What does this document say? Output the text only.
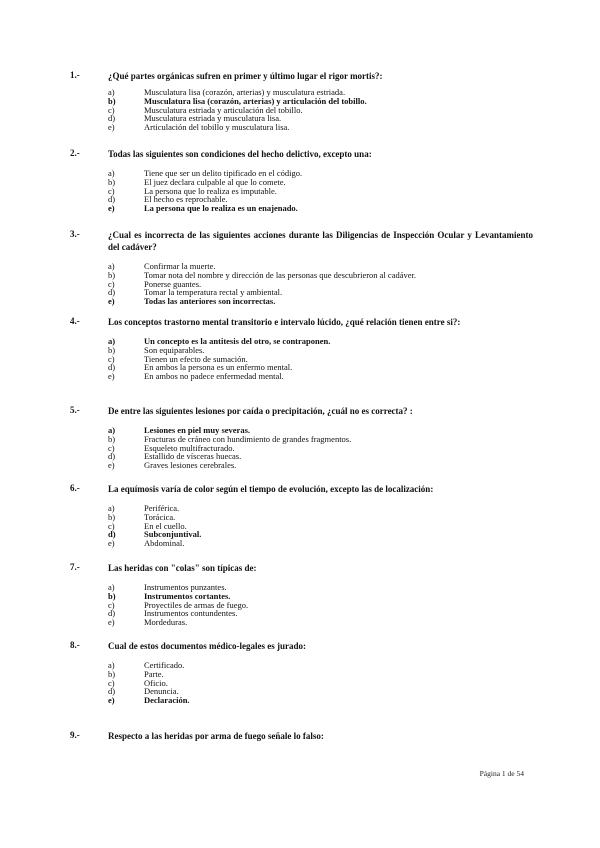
1.-	¿Qué partes orgánicas sufren en primer y último lugar el rigor mortis?:
a)	Musculatura lisa (corazón, arterias) y musculatura estriada.
b)	Musculatura lisa (corazón, arterias) y articulación del tobillo.
c)	Musculatura estriada y articulación del tobillo.
d)	Musculatura estriada y musculatura lisa.
e)	Articulación del tobillo y musculatura lisa.
2.-	Todas las siguientes son condiciones del hecho delictivo, excepto una:
a)	Tiene que ser un delito tipificado en el código.
b)	El juez declara culpable al que lo comete.
c)	La persona que lo realiza es imputable.
d)	El hecho es reprochable.
e)	La persona que lo realiza es un enajenado.
3.-	¿Cual es incorrecta de las siguientes acciones durante las Diligencias de Inspección Ocular y Levantamiento del cadáver?
a)	Confirmar la muerte.
b)	Tomar nota del nombre y dirección de las personas que descubrieron al cadáver.
c)	Ponerse guantes.
d)	Tomar la temperatura rectal y ambiental.
e)	Todas las anteriores son incorrectas.
4.-	Los conceptos trastorno mental transitorio e intervalo lúcido, ¿qué relación tienen entre si?:
a)	Un concepto es la antitesis del otro, se contraponen.
b)	Son equiparables.
c)	Tienen un efecto de sumación.
d)	En ambos la persona es un enfermo mental.
e)	En ambos no padece enfermedad mental.
5.-	De entre las siguientes lesiones por caída o precipitación, ¿cuál no es correcta? :
a)	Lesiones en piel muy severas.
b)	Fracturas de cráneo con hundimiento de grandes fragmentos.
c)	Esqueleto multifracturado.
d)	Estallido de vísceras huecas.
e)	Graves lesiones cerebrales.
6.-	La equímosis varía de color según el tiempo de evolución, excepto las de localización:
a)	Periférica.
b)	Torácica.
c)	En el cuello.
d)	Subconjuntival.
e)	Abdominal.
7.-	Las heridas con "colas" son típicas de:
a)	Instrumentos punzantes.
b)	Instrumentos cortantes.
c)	Proyectiles de armas de fuego.
d)	Instrumentos contundentes.
e)	Mordeduras.
8.-	Cual de estos documentos médico-legales es jurado:
a)	Certificado.
b)	Parte.
c)	Oficio.
d)	Denuncia.
e)	Declaración.
9.-	Respecto a las heridas por arma de fuego señale lo falso:
Página 1 de 54
